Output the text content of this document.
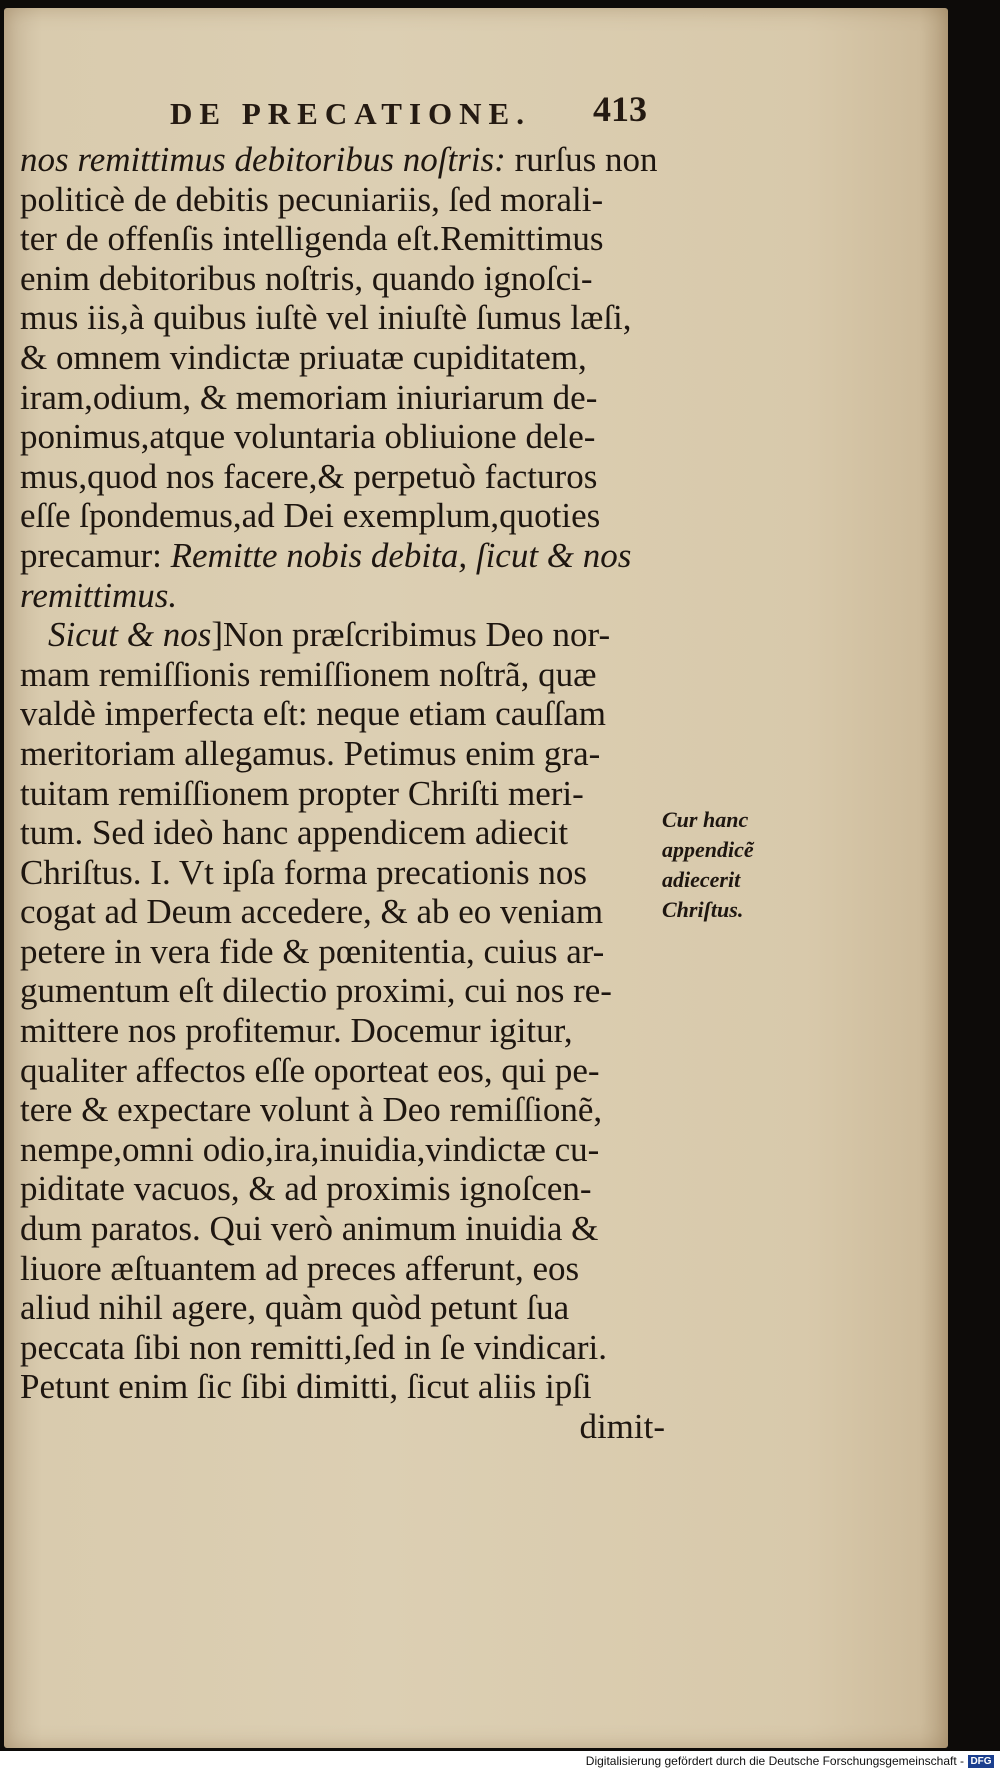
DE PRECATIONE. 413
nos remittimus debitoribus noſtris: rurſus non
politicè de debitis pecuniariis, ſed morali-
ter de offenſis intelligenda eſt.Remittimus
enim debitoribus noſtris, quando ignoſci-
mus iis,à quibus iuſtè vel iniuſtè ſumus læſi,
& omnem vindictæ priuatæ cupiditatem,
iram,odium, & memoriam iniuriarum de-
ponimus,atque voluntaria obliuione dele-
mus,quod nos facere,& perpetuò facturos
eſſe ſpondemus,ad Dei exemplum,quoties
precamur: Remitte nobis debita, ſicut & nos
remittimus.
Sicut & nos]Non præſcribimus Deo nor-
mam remiſſionis remiſſionem noſtrã, quæ
valdè imperfecta eſt: neque etiam cauſſam
meritoriam allegamus. Petimus enim gra-
tuitam remiſſionem propter Chriſti meri-
tum. Sed ideò hanc appendicem adiecit
Chriſtus. I. Vt ipſa forma precationis nos
cogat ad Deum accedere, & ab eo veniam
petere in vera fide & pœnitentia, cuius ar-
gumentum eſt dilectio proximi, cui nos re-
mittere nos profitemur. Docemur igitur,
qualiter affectos eſſe oporteat eos, qui pe-
tere & expectare volunt à Deo remiſſionẽ,
nempe,omni odio,ira,inuidia,vindictæ cu-
piditate vacuos, & ad proximis ignoſcen-
dum paratos. Qui verò animum inuidia &
liuore æſtuantem ad preces afferunt, eos
aliud nihil agere, quàm quòd petunt ſua
peccata ſibi non remitti,ſed in ſe vindicari.
Petunt enim ſic ſibi dimitti, ſicut aliis ipſi
dimit-
Cur hanc
appendicẽ
adiecerit
Chriſtus.
Digitalisierung gefördert durch die Deutsche Forschungsgemeinschaft - DFG
